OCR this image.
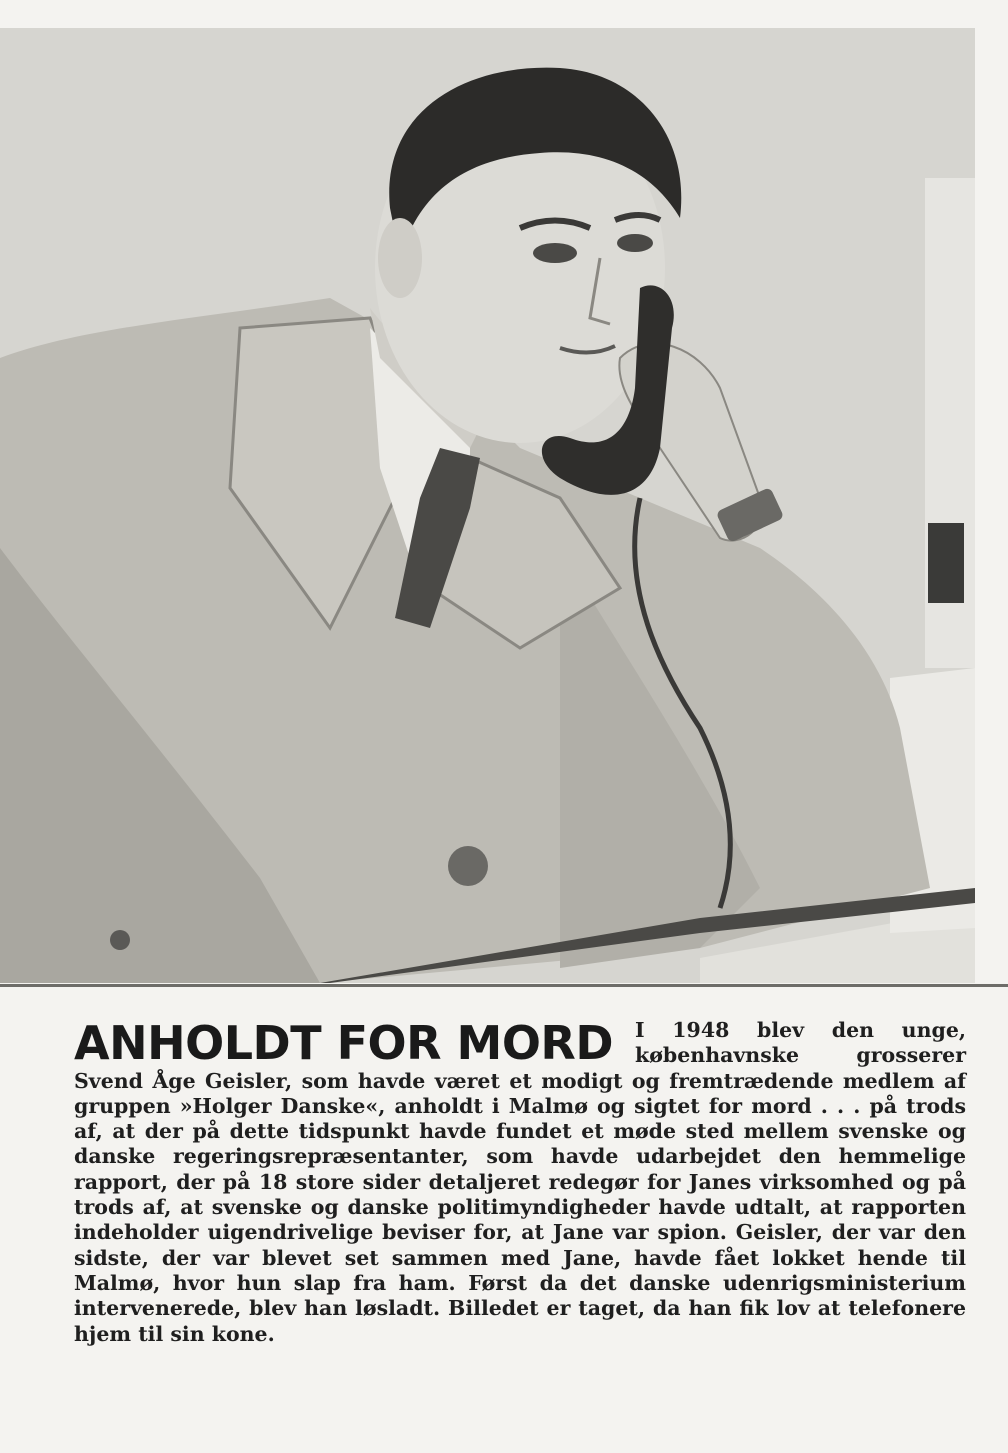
ANHOLDT FOR MORD	I 1948 blev den unge, københavnske grosserer Svend Åge Geisler, som havde været et modigt og fremtrædende medlem af gruppen »Holger Danske«, anholdt i Malmø og sigtet for mord . . . på trods af, at der på dette tidspunkt havde fundet et møde sted mellem svenske og danske regeringsrepræsentanter, som havde udarbejdet den hemmelige rapport, der på 18 store sider detaljeret redegør for Janes virksomhed og på trods af, at svenske og danske politimyndigheder havde udtalt, at rapporten indeholder uigendrivelige beviser for, at Jane var spion. Geisler, der var den sidste, der var blevet set sammen med Jane, havde fået lokket hende til Malmø, hvor hun slap fra ham. Først da det danske udenrigsministerium intervenerede, blev han løsladt. Billedet er taget, da han fik lov at telefonere hjem til sin kone.
